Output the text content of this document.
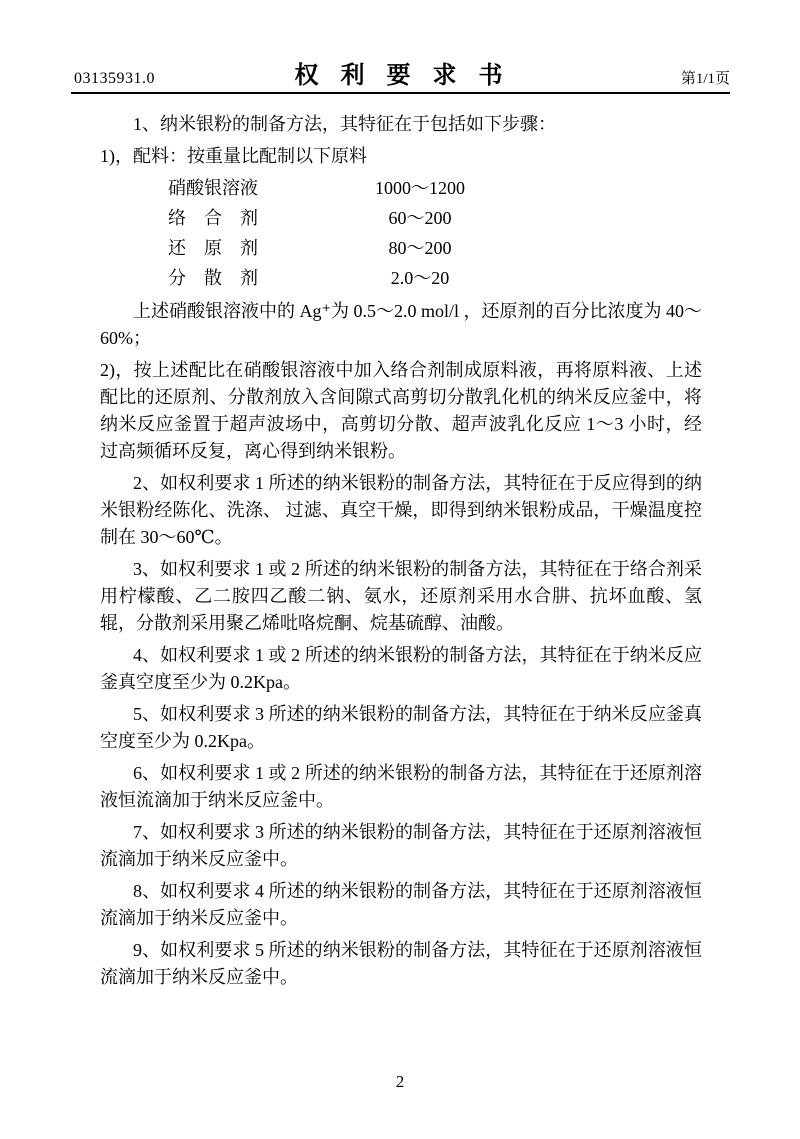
03135931.0	权 利 要 求 书	第1/1页

1、纳米银粉的制备方法，其特征在于包括如下步骤：

1)，配料：按重量比配制以下原料

硝酸银溶液	1000～1200
络　合　剂	60～200
还　原　剂	80～200
分　散　剂	2.0～20

上述硝酸银溶液中的 Ag⁺为 0.5～2.0 mol/l ，还原剂的百分比浓度为 40～60%；

2)，按上述配比在硝酸银溶液中加入络合剂制成原料液，再将原料液、上述配比的还原剂、分散剂放入含间隙式高剪切分散乳化机的纳米反应釜中，将纳米反应釜置于超声波场中，高剪切分散、超声波乳化反应 1～3 小时，经过高频循环反复，离心得到纳米银粉。

2、如权利要求 1 所述的纳米银粉的制备方法，其特征在于反应得到的纳米银粉经陈化、洗涤、 过滤、真空干燥，即得到纳米银粉成品，干燥温度控制在 30～60℃。

3、如权利要求 1 或 2 所述的纳米银粉的制备方法，其特征在于络合剂采用柠檬酸、乙二胺四乙酸二钠、氨水，还原剂采用水合肼、抗坏血酸、氢辊，分散剂采用聚乙烯吡咯烷酮、烷基硫醇、油酸。

4、如权利要求 1 或 2 所述的纳米银粉的制备方法，其特征在于纳米反应釜真空度至少为 0.2Kpa。

5、如权利要求 3 所述的纳米银粉的制备方法，其特征在于纳米反应釜真空度至少为 0.2Kpa。

6、如权利要求 1 或 2 所述的纳米银粉的制备方法，其特征在于还原剂溶液恒流滴加于纳米反应釜中。

7、如权利要求 3 所述的纳米银粉的制备方法，其特征在于还原剂溶液恒流滴加于纳米反应釜中。

8、如权利要求 4 所述的纳米银粉的制备方法，其特征在于还原剂溶液恒流滴加于纳米反应釜中。

9、如权利要求 5 所述的纳米银粉的制备方法，其特征在于还原剂溶液恒流滴加于纳米反应釜中。

2
